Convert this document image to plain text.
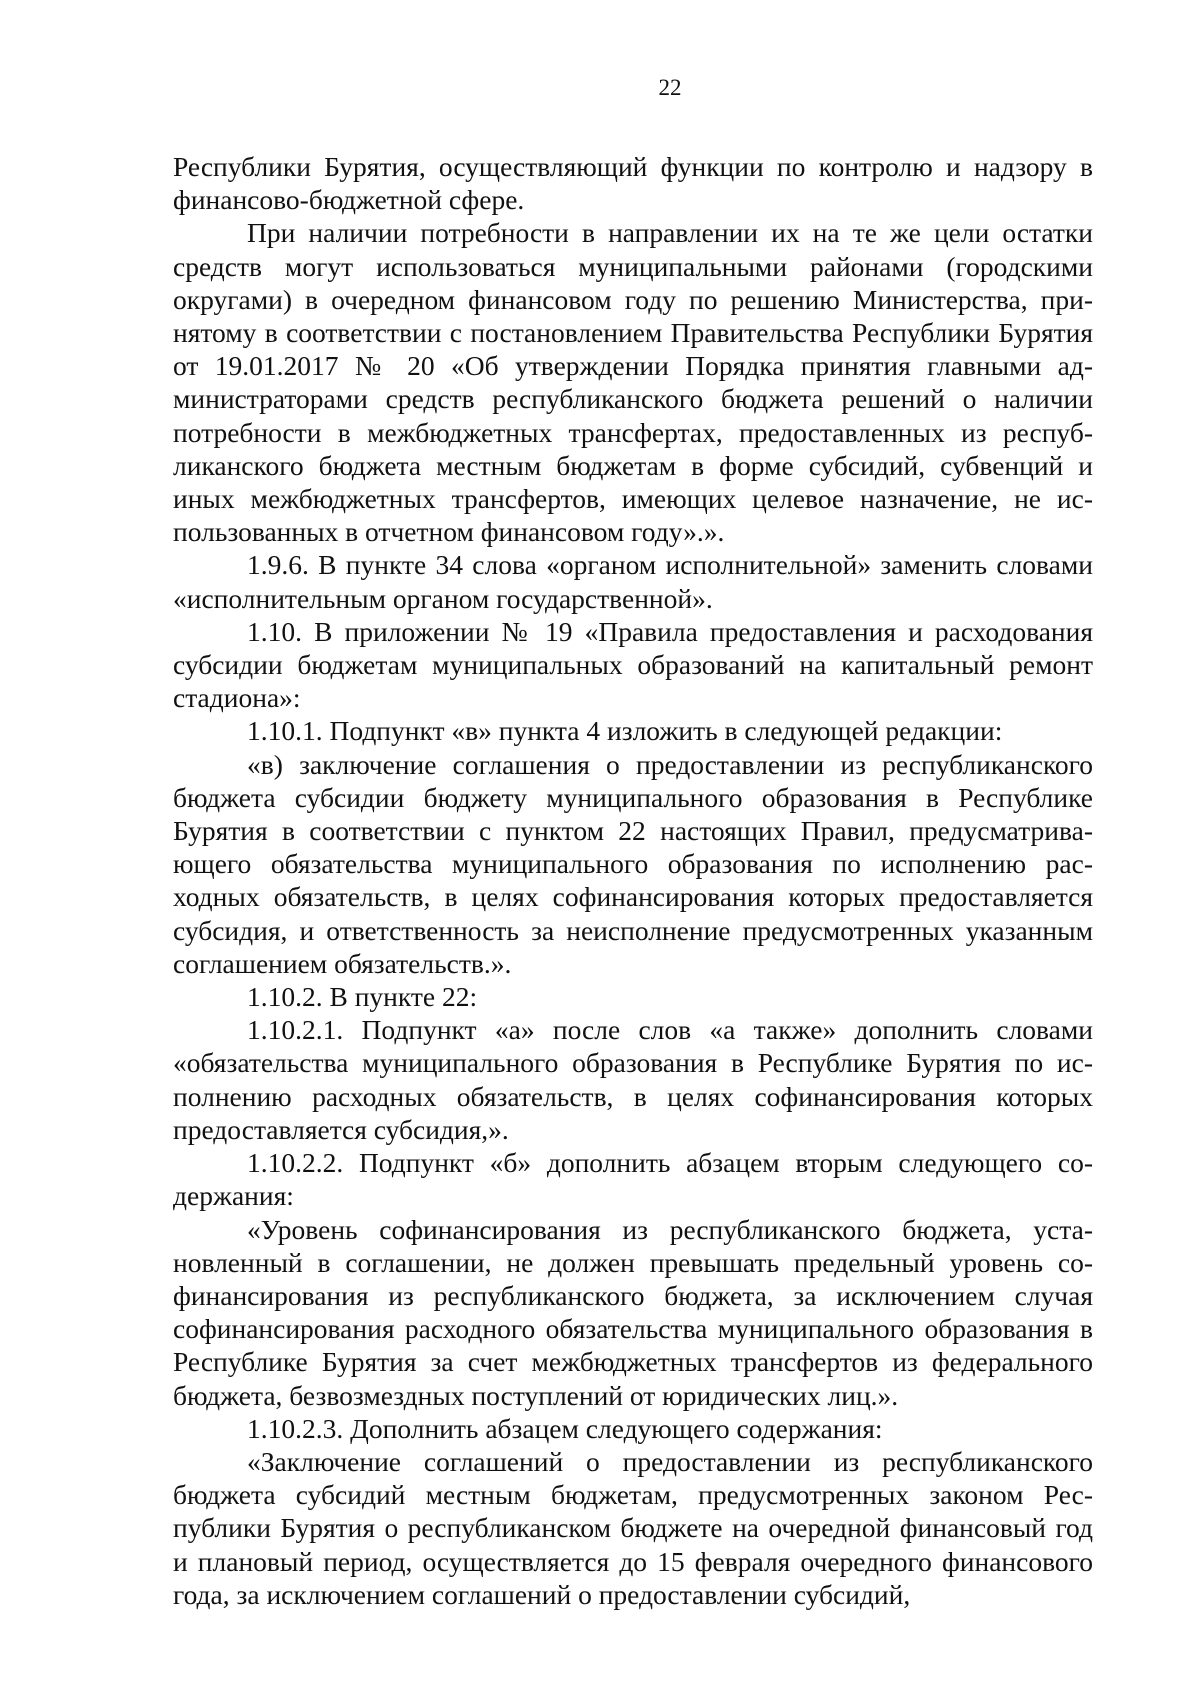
22

Республики Бурятия, осуществляющий функции по контролю и надзору в финансово-бюджетной сфере.

При наличии потребности в направлении их на те же цели остатки средств могут использоваться муниципальными районами (городскими округами) в очередном финансовом году по решению Министерства, принятому в соответствии с постановлением Правительства Республики Бурятия от 19.01.2017 № 20 «Об утверждении Порядка принятия главными администраторами средств республиканского бюджета решений о наличии потребности в межбюджетных трансфертах, предоставленных из республиканского бюджета местным бюджетам в форме субсидий, субвенций и иных межбюджетных трансфертов, имеющих целевое назначение, не использованных в отчетном финансовом году».».

1.9.6. В пункте 34 слова «органом исполнительной» заменить словами «исполнительным органом государственной».

1.10. В приложении № 19 «Правила предоставления и расходования субсидии бюджетам муниципальных образований на капитальный ремонт стадиона»:

1.10.1. Подпункт «в» пункта 4 изложить в следующей редакции:

«в) заключение соглашения о предоставлении из республиканского бюджета субсидии бюджету муниципального образования в Республике Бурятия в соответствии с пунктом 22 настоящих Правил, предусматривающего обязательства муниципального образования по исполнению расходных обязательств, в целях софинансирования которых предоставляется субсидия, и ответственность за неисполнение предусмотренных указанным соглашением обязательств.».

1.10.2. В пункте 22:

1.10.2.1. Подпункт «а» после слов «а также» дополнить словами «обязательства муниципального образования в Республике Бурятия по исполнению расходных обязательств, в целях софинансирования которых предоставляется субсидия,».

1.10.2.2. Подпункт «б» дополнить абзацем вторым следующего содержания:

«Уровень софинансирования из республиканского бюджета, установленный в соглашении, не должен превышать предельный уровень софинансирования из республиканского бюджета, за исключением случая софинансирования расходного обязательства муниципального образования в Республике Бурятия за счет межбюджетных трансфертов из федерального бюджета, безвозмездных поступлений от юридических лиц.».

1.10.2.3. Дополнить абзацем следующего содержания:

«Заключение соглашений о предоставлении из республиканского бюджета субсидий местным бюджетам, предусмотренных законом Республики Бурятия о республиканском бюджете на очередной финансовый год и плановый период, осуществляется до 15 февраля очередного финансового года, за исключением соглашений о предоставлении субсидий,
